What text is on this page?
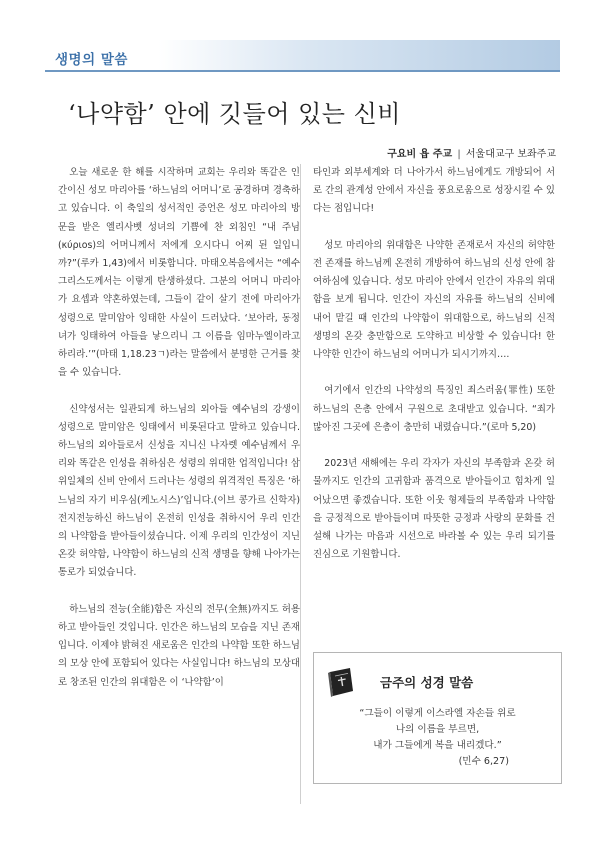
생명의 말씀
‘나약함’ 안에 깃들어 있는 신비
구요비 욥 주교 | 서울대교구 보좌주교

오늘 새로운 한 해를 시작하며 교회는 우리와 똑같은 인간이신 성모 마리아를 ‘하느님의 어머니’로 공경하며 경축하고 있습니다. 이 축일의 성서적인 증언은 성모 마리아의 방문을 받은 엘리사벳 성녀의 기쁨에 찬 외침인 “내 주님(κύριοs)의 어머니께서 저에게 오시다니 어찌 된 일입니까?”(루카 1,43)에서 비롯합니다. 마태오복음에서는 “예수 그리스도께서는 이렇게 탄생하셨다. 그분의 어머니 마리아가 요셉과 약혼하였는데, 그들이 같이 살기 전에 마리아가 성령으로 말미암아 잉태한 사실이 드러났다. ‘보아라, 동정녀가 잉태하여 아들을 낳으리니 그 이름을 임마누엘이라고 하리라.’”(마태 1,18.23ㄱ)라는 말씀에서 분명한 근거를 찾을 수 있습니다.

신약성서는 일관되게 하느님의 외아들 예수님의 강생이 성령으로 말미암은 잉태에서 비롯된다고 말하고 있습니다. 하느님의 외아들로서 신성을 지니신 나자렛 예수님께서 우리와 똑같은 인성을 취하심은 성령의 위대한 업적입니다! 삼위일체의 신비 안에서 드러나는 성령의 위격적인 특징은 ‘하느님의 자기 비우심(케노시스)’입니다.(이브 콩가르 신학자) 전지전능하신 하느님이 온전히 인성을 취하시어 우리 인간의 나약함을 받아들이셨습니다. 이제 우리의 인간성이 지닌 온갖 허약함, 나약함이 하느님의 신적 생명을 향해 나아가는 통로가 되었습니다.

하느님의 전능(全能)함은 자신의 전무(全無)까지도 허용하고 받아들인 것입니다. 인간은 하느님의 모습을 지닌 존재입니다. 이제야 밝혀진 새로움은 인간의 나약함 또한 하느님의 모상 안에 포함되어 있다는 사실입니다! 하느님의 모상대로 창조된 인간의 위대함은 이 ‘나약함’이

타인과 외부세계와 더 나아가서 하느님에게도 개방되어 서로 간의 관계성 안에서 자신을 풍요로움으로 성장시킬 수 있다는 점입니다!

성모 마리아의 위대함은 나약한 존재로서 자신의 허약한 전 존재를 하느님께 온전히 개방하여 하느님의 신성 안에 참여하심에 있습니다. 성모 마리아 안에서 인간이 자유의 위대함을 보게 됩니다. 인간이 자신의 자유를 하느님의 신비에 내어 맡길 때 인간의 나약함이 위대함으로, 하느님의 신적 생명의 온갖 충만함으로 도약하고 비상할 수 있습니다! 한 나약한 인간이 하느님의 어머니가 되시기까지….

여기에서 인간의 나약성의 특징인 죄스러움(罪性) 또한 하느님의 은총 안에서 구원으로 초대받고 있습니다. “죄가 많아진 그곳에 은총이 충만히 내렸습니다.”(로마 5,20)

2023년 새해에는 우리 각자가 자신의 부족함과 온갖 허물까지도 인간의 고귀함과 품격으로 받아들이고 힘차게 일어났으면 좋겠습니다. 또한 이웃 형제들의 부족함과 나약함을 긍정적으로 받아들이며 따뜻한 긍정과 사랑의 문화를 건설해 나가는 마음과 시선으로 바라볼 수 있는 우리 되기를 진심으로 기원합니다.

금주의 성경 말씀
“그들이 이렇게 이스라엘 자손들 위로
나의 이름을 부르면,
내가 그들에게 복을 내리겠다.”
(민수 6,27)
